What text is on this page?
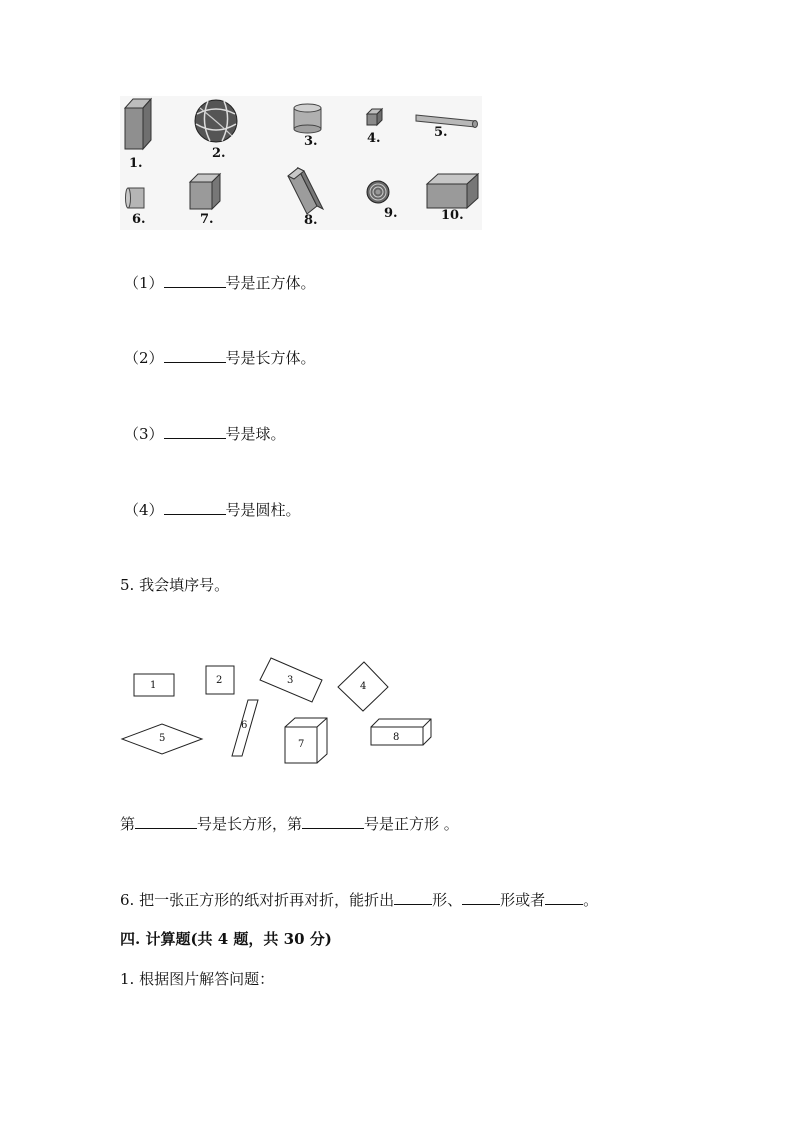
1.
2.
3.	4.	5.
6.	7.	8.	9.	10.
（1）	号是正方体。
（2）	号是长方体。
（3）	号是球。
（4）	号是圆柱。
5. 我会填序号。
1	2	3
4
5
6
7
8
第	号是长方形，第	号是正方形 。
6. 把一张正方形的纸对折再对折，能折出	形、	形或者	。
四. 计算题(共 4 题，共 30 分)
1. 根据图片解答问题：
